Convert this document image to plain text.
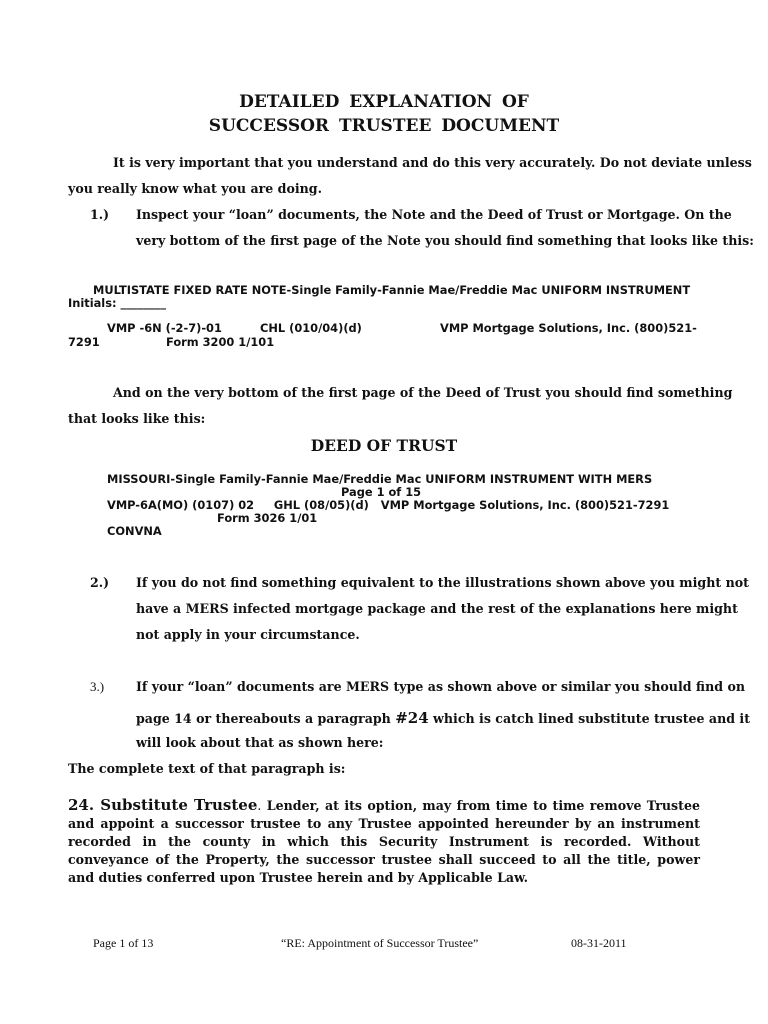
DETAILED EXPLANATION OF
SUCCESSOR TRUSTEE DOCUMENT
It is very important that you understand and do this very accurately. Do not deviate unless
you really know what you are doing.
1.) Inspect your “loan” documents, the Note and the Deed of Trust or Mortgage. On the
very bottom of the first page of the Note you should find something that looks like this:
MULTISTATE FIXED RATE NOTE-Single Family-Fannie Mae/Freddie Mac UNIFORM INSTRUMENT
Initials: ________
VMP -6N (-2-7)-01	CHL (010/04)(d)	VMP Mortgage Solutions, Inc. (800)521-
7291	Form 3200 1/101
And on the very bottom of the first page of the Deed of Trust you should find something
that looks like this:
DEED OF TRUST
MISSOURI-Single Family-Fannie Mae/Freddie Mac UNIFORM INSTRUMENT WITH MERS
Page 1 of 15
VMP-6A(MO) (0107) 02     GHL (08/05)(d)   VMP Mortgage Solutions, Inc. (800)521-7291
Form 3026 1/01
CONVNA
2.) If you do not find something equivalent to the illustrations shown above you might not
have a MERS infected mortgage package and the rest of the explanations here might
not apply in your circumstance.
3.)	If your “loan” documents are MERS type as shown above or similar you should find on
page 14 or thereabouts a paragraph #24 which is catch lined substitute trustee and it
will look about that as shown here:
The complete text of that paragraph is:
24. Substitute Trustee. Lender, at its option, may from time to time remove Trustee and appoint a successor trustee to any Trustee appointed hereunder by an instrument recorded in the county in which this Security Instrument is recorded. Without conveyance of the Property, the successor trustee shall succeed to all the title, power and duties conferred upon Trustee herein and by Applicable Law.
Page 1 of 13	“RE: Appointment of Successor Trustee”	08-31-2011
